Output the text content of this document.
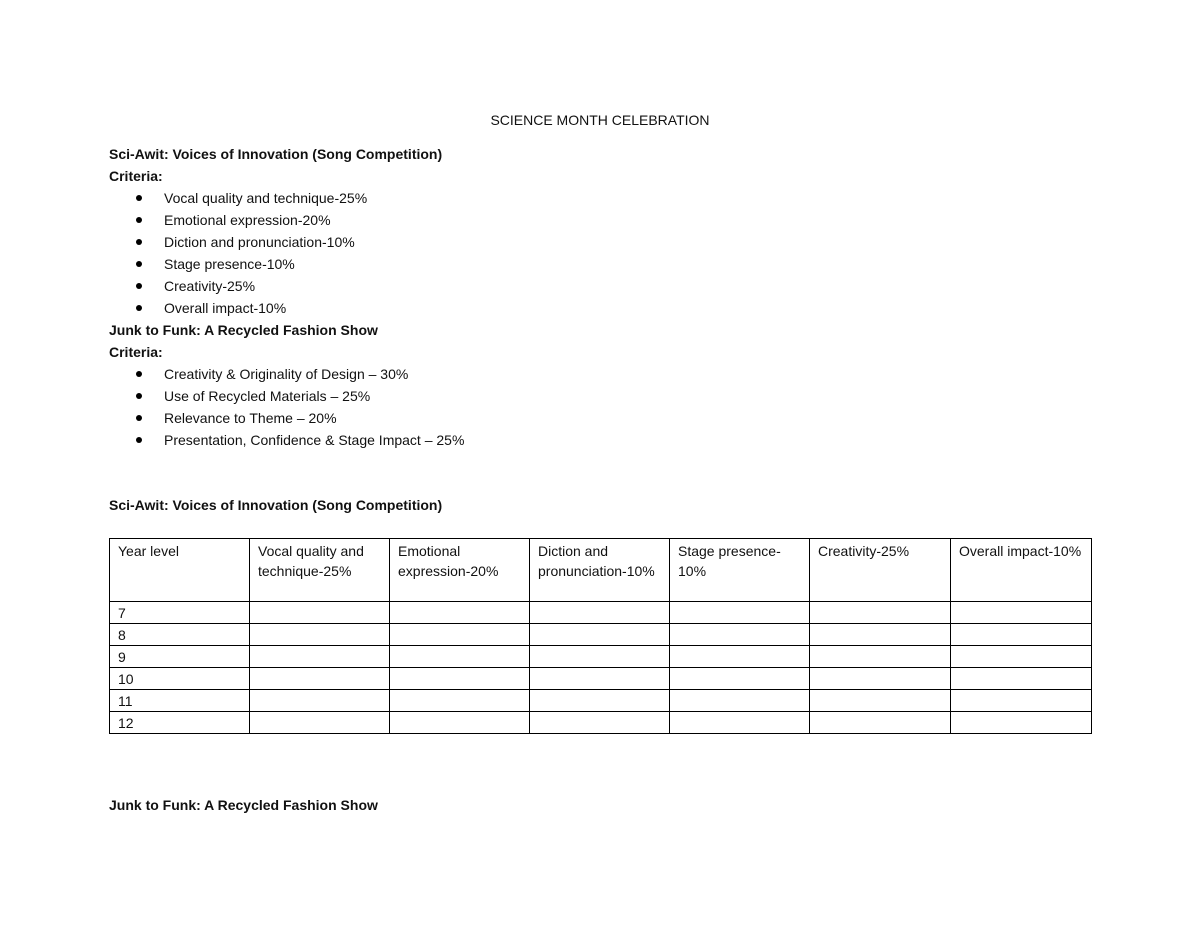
SCIENCE MONTH CELEBRATION
Sci-Awit: Voices of Innovation (Song Competition)
Criteria:
Vocal quality and technique-25%
Emotional expression-20%
Diction and pronunciation-10%
Stage presence-10%
Creativity-25%
Overall impact-10%
Junk to Funk: A Recycled Fashion Show
Criteria:
Creativity & Originality of Design – 30%
Use of Recycled Materials – 25%
Relevance to Theme – 20%
Presentation, Confidence & Stage Impact – 25%
Sci-Awit: Voices of Innovation (Song Competition)
Year level	Vocal quality and technique-25%	Emotional expression-20%	Diction and pronunciation-10%	Stage presence-10%	Creativity-25%	Overall impact-10%
7						
8						
9						
10						
11						
12						
Junk to Funk: A Recycled Fashion Show
